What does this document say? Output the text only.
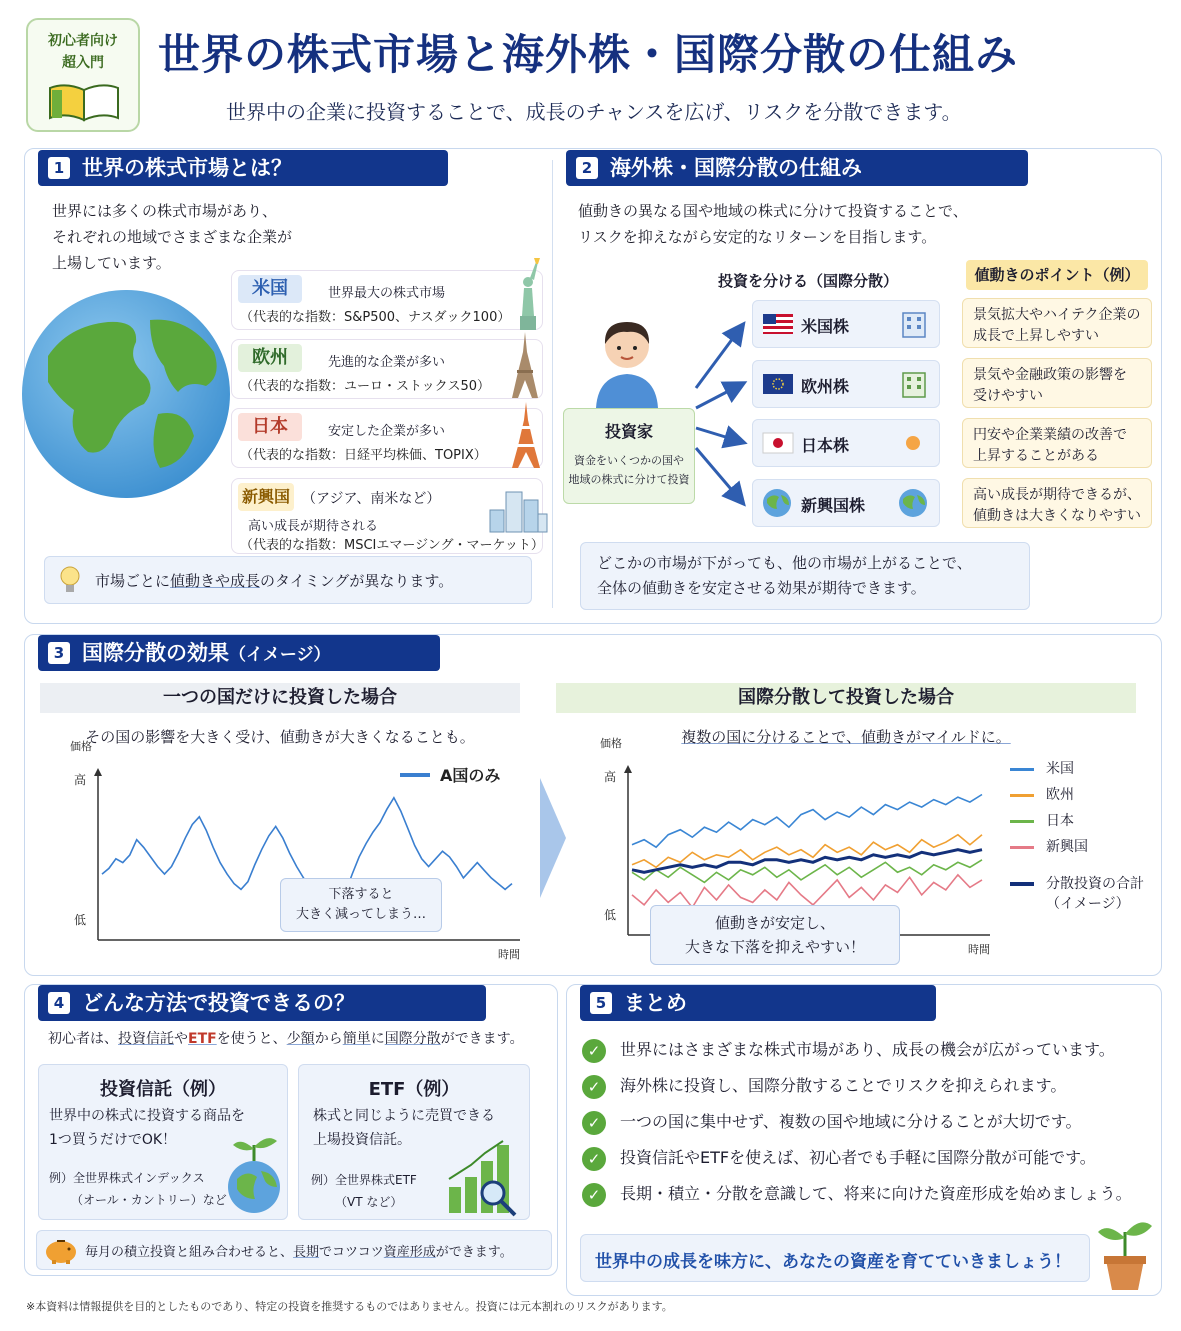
初心者向け
超入門	世界の株式市場と海外株・国際分散の仕組み
世界中の企業に投資することで、成長のチャンスを広げ、リスクを分散できます。
1 世界の株式市場とは？
世界には多くの株式市場があり、
それぞれの地域でさまざまな企業が
上場しています。
米国	世界最大の株式市場
（代表的な指数：S&P500、ナスダック100）
欧州	先進的な企業が多い
（代表的な指数：ユーロ・ストックス50）
日本	安定した企業が多い
（代表的な指数：日経平均株価、TOPIX）
新興国 （アジア、南米など）
高い成長が期待される
（代表的な指数：MSCIエマージング・マーケット）
市場ごとに値動きや成長のタイミングが異なります。
2 海外株・国際分散の仕組み
値動きの異なる国や地域の株式に分けて投資することで、
リスクを抑えながら安定的なリターンを目指します。
投資を分ける（国際分散）	値動きのポイント（例）
投資家
資金をいくつかの国や
地域の株式に分けて投資
米国株
景気拡大やハイテク企業の
成長で上昇しやすい
欧州株
景気や金融政策の影響を
受けやすい
日本株
円安や企業業績の改善で
上昇することがある
新興国株
高い成長が期待できるが、
値動きは大きくなりやすい
どこかの市場が下がっても、他の市場が上がることで、
全体の値動きを安定させる効果が期待できます。
3 国際分散の効果（イメージ）
一つの国だけに投資した場合
その国の影響を大きく受け、値動きが大きくなることも。
国際分散して投資した場合
複数の国に分けることで、値動きがマイルドに。
価格
高
低
時間
A国のみ
価格
高
低
時間
下落すると
大きく減ってしまう…	値動きが安定し、
大きな下落を抑えやすい！
米国
欧州
日本
新興国
分散投資の合計（イメージ）
4 どんな方法で投資できるの？
初心者は、投資信託やETFを使うと、少額から簡単に国際分散ができます。
投資信託（例）
世界中の株式に投資する商品を
1つ買うだけでOK！
例）全世界株式インデックス
（オール・カントリー）など
ETF（例）
株式と同じように売買できる
上場投資信託。
例）全世界株式ETF
（VT など）
毎月の積立投資と組み合わせると、長期でコツコツ資産形成ができます。
5 まとめ
✓ 世界にはさまざまな株式市場があり、成長の機会が広がっています。
✓ 海外株に投資し、国際分散することでリスクを抑えられます。
✓ 一つの国に集中せず、複数の国や地域に分けることが大切です。
✓ 投資信託やETFを使えば、初心者でも手軽に国際分散が可能です。
✓ 長期・積立・分散を意識して、将来に向けた資産形成を始めましょう。
世界中の成長を味方に、あなたの資産を育てていきましょう！
※本資料は情報提供を目的としたものであり、特定の投資を推奨するものではありません。投資には元本割れのリスクがあります。
